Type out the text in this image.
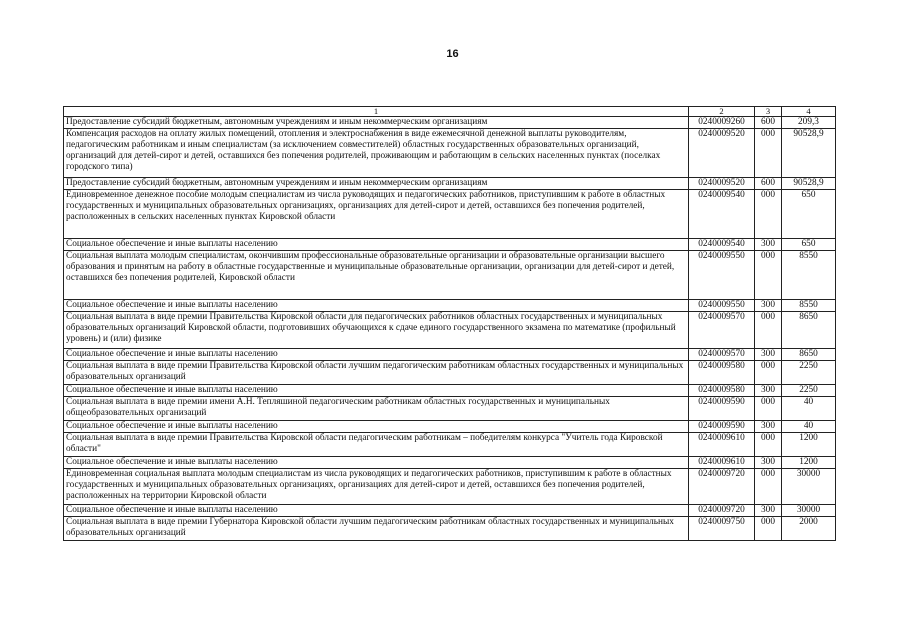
16
1	2	3	4
Предоставление субсидий бюджетным, автономным учреждениям и иным некоммерческим организациям	0240009260	600	209,3
Компенсация расходов на оплату жилых помещений, отопления и электроснабжения в виде ежемесячной денежной выплаты руководителям, педагогическим работникам и иным специалистам (за исключением совместителей) областных государственных образовательных организаций, организаций для детей-сирот и детей, оставшихся без попечения родителей, проживающим и работающим в сельских населенных пунктах (поселках городского типа)	0240009520	000	90528,9
Предоставление субсидий бюджетным, автономным учреждениям и иным некоммерческим организациям	0240009520	600	90528,9
Единовременное денежное пособие молодым специалистам из числа руководящих и педагогических работников, приступившим к работе в областных государственных и муниципальных образовательных организациях, организациях для детей-сирот и детей, оставшихся без попечения родителей, расположенных в сельских населенных пунктах Кировской области	0240009540	000	650
Социальное обеспечение и иные выплаты населению	0240009540	300	650
Социальная выплата молодым специалистам, окончившим профессиональные образовательные организации и образовательные организации высшего образования и принятым на работу в областные государственные и муниципальные образовательные организации, организации для детей-сирот и детей, оставшихся без попечения родителей, Кировской области	0240009550	000	8550
Социальное обеспечение и иные выплаты населению	0240009550	300	8550
Социальная выплата в виде премии Правительства Кировской области для педагогических работников областных государственных и муниципальных образовательных организаций Кировской области, подготовивших обучающихся к сдаче единого государственного экзамена по математике (профильный уровень) и (или) физике	0240009570	000	8650
Социальное обеспечение и иные выплаты населению	0240009570	300	8650
Социальная выплата в виде премии Правительства Кировской области лучшим педагогическим работникам областных государственных и муниципальных образовательных организаций	0240009580	000	2250
Социальное обеспечение и иные выплаты населению	0240009580	300	2250
Социальная выплата в виде премии имени А.Н. Тепляшиной педагогическим работникам областных государственных и муниципальных общеобразовательных организаций	0240009590	000	40
Социальное обеспечение и иные выплаты населению	0240009590	300	40
Социальная выплата в виде премии Правительства Кировской области педагогическим работникам – победителям конкурса "Учитель года Кировской области"	0240009610	000	1200
Социальное обеспечение и иные выплаты населению	0240009610	300	1200
Единовременная социальная выплата молодым специалистам из числа руководящих и педагогических работников, приступившим к работе в областных государственных и муниципальных образовательных организациях, организациях для детей-сирот и детей, оставшихся без попечения родителей, расположенных на территории Кировской области	0240009720	000	30000
Социальное обеспечение и иные выплаты населению	0240009720	300	30000
Социальная выплата в виде премии Губернатора Кировской области лучшим педагогическим работникам областных государственных и муниципальных образовательных организаций	0240009750	000	2000
